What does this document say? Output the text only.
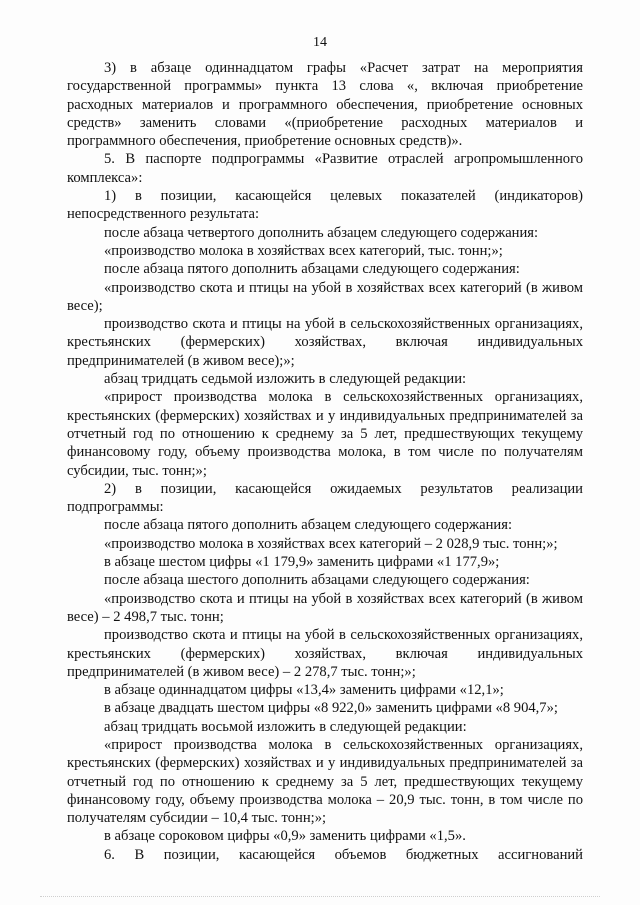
14

3) в абзаце одиннадцатом графы «Расчет затрат на мероприятия государственной программы» пункта 13 слова «, включая приобретение расходных материалов и программного обеспечения, приобретение основных средств» заменить словами «(приобретение расходных материалов и программного обеспечения, приобретение основных средств)».

5. В паспорте подпрограммы «Развитие отраслей агропромышленного комплекса»:

1) в позиции, касающейся целевых показателей (индикаторов) непосредственного результата:

после абзаца четвертого дополнить абзацем следующего содержания:

«производство молока в хозяйствах всех категорий, тыс. тонн;»;

после абзаца пятого дополнить абзацами следующего содержания:

«производство скота и птицы на убой в хозяйствах всех категорий (в живом весе);

производство скота и птицы на убой в сельскохозяйственных организациях, крестьянских (фермерских) хозяйствах, включая индивидуальных предпринимателей (в живом весе);»;

абзац тридцать седьмой изложить в следующей редакции:

«прирост производства молока в сельскохозяйственных организациях, крестьянских (фермерских) хозяйствах и у индивидуальных предпринимателей за отчетный год по отношению к среднему за 5 лет, предшествующих текущему финансовому году, объему производства молока, в том числе по получателям субсидии, тыс. тонн;»;

2) в позиции, касающейся ожидаемых результатов реализации подпрограммы:

после абзаца пятого дополнить абзацем следующего содержания:

«производство молока в хозяйствах всех категорий – 2 028,9 тыс. тонн;»;

в абзаце шестом цифры «1 179,9» заменить цифрами «1 177,9»;

после абзаца шестого дополнить абзацами следующего содержания:

«производство скота и птицы на убой в хозяйствах всех категорий (в живом весе) – 2 498,7 тыс. тонн;

производство скота и птицы на убой в сельскохозяйственных организациях, крестьянских (фермерских) хозяйствах, включая индивидуальных предпринимателей (в живом весе) – 2 278,7 тыс. тонн;»;

в абзаце одиннадцатом цифры «13,4» заменить цифрами «12,1»;

в абзаце двадцать шестом цифры «8 922,0» заменить цифрами «8 904,7»;

абзац тридцать восьмой изложить в следующей редакции:

«прирост производства молока в сельскохозяйственных организациях, крестьянских (фермерских) хозяйствах и у индивидуальных предпринимателей за отчетный год по отношению к среднему за 5 лет, предшествующих текущему финансовому году, объему производства молока – 20,9 тыс. тонн, в том числе по получателям субсидии – 10,4 тыс. тонн;»;

в абзаце сороковом цифры «0,9» заменить цифрами «1,5».

6. В позиции, касающейся объемов бюджетных ассигнований
